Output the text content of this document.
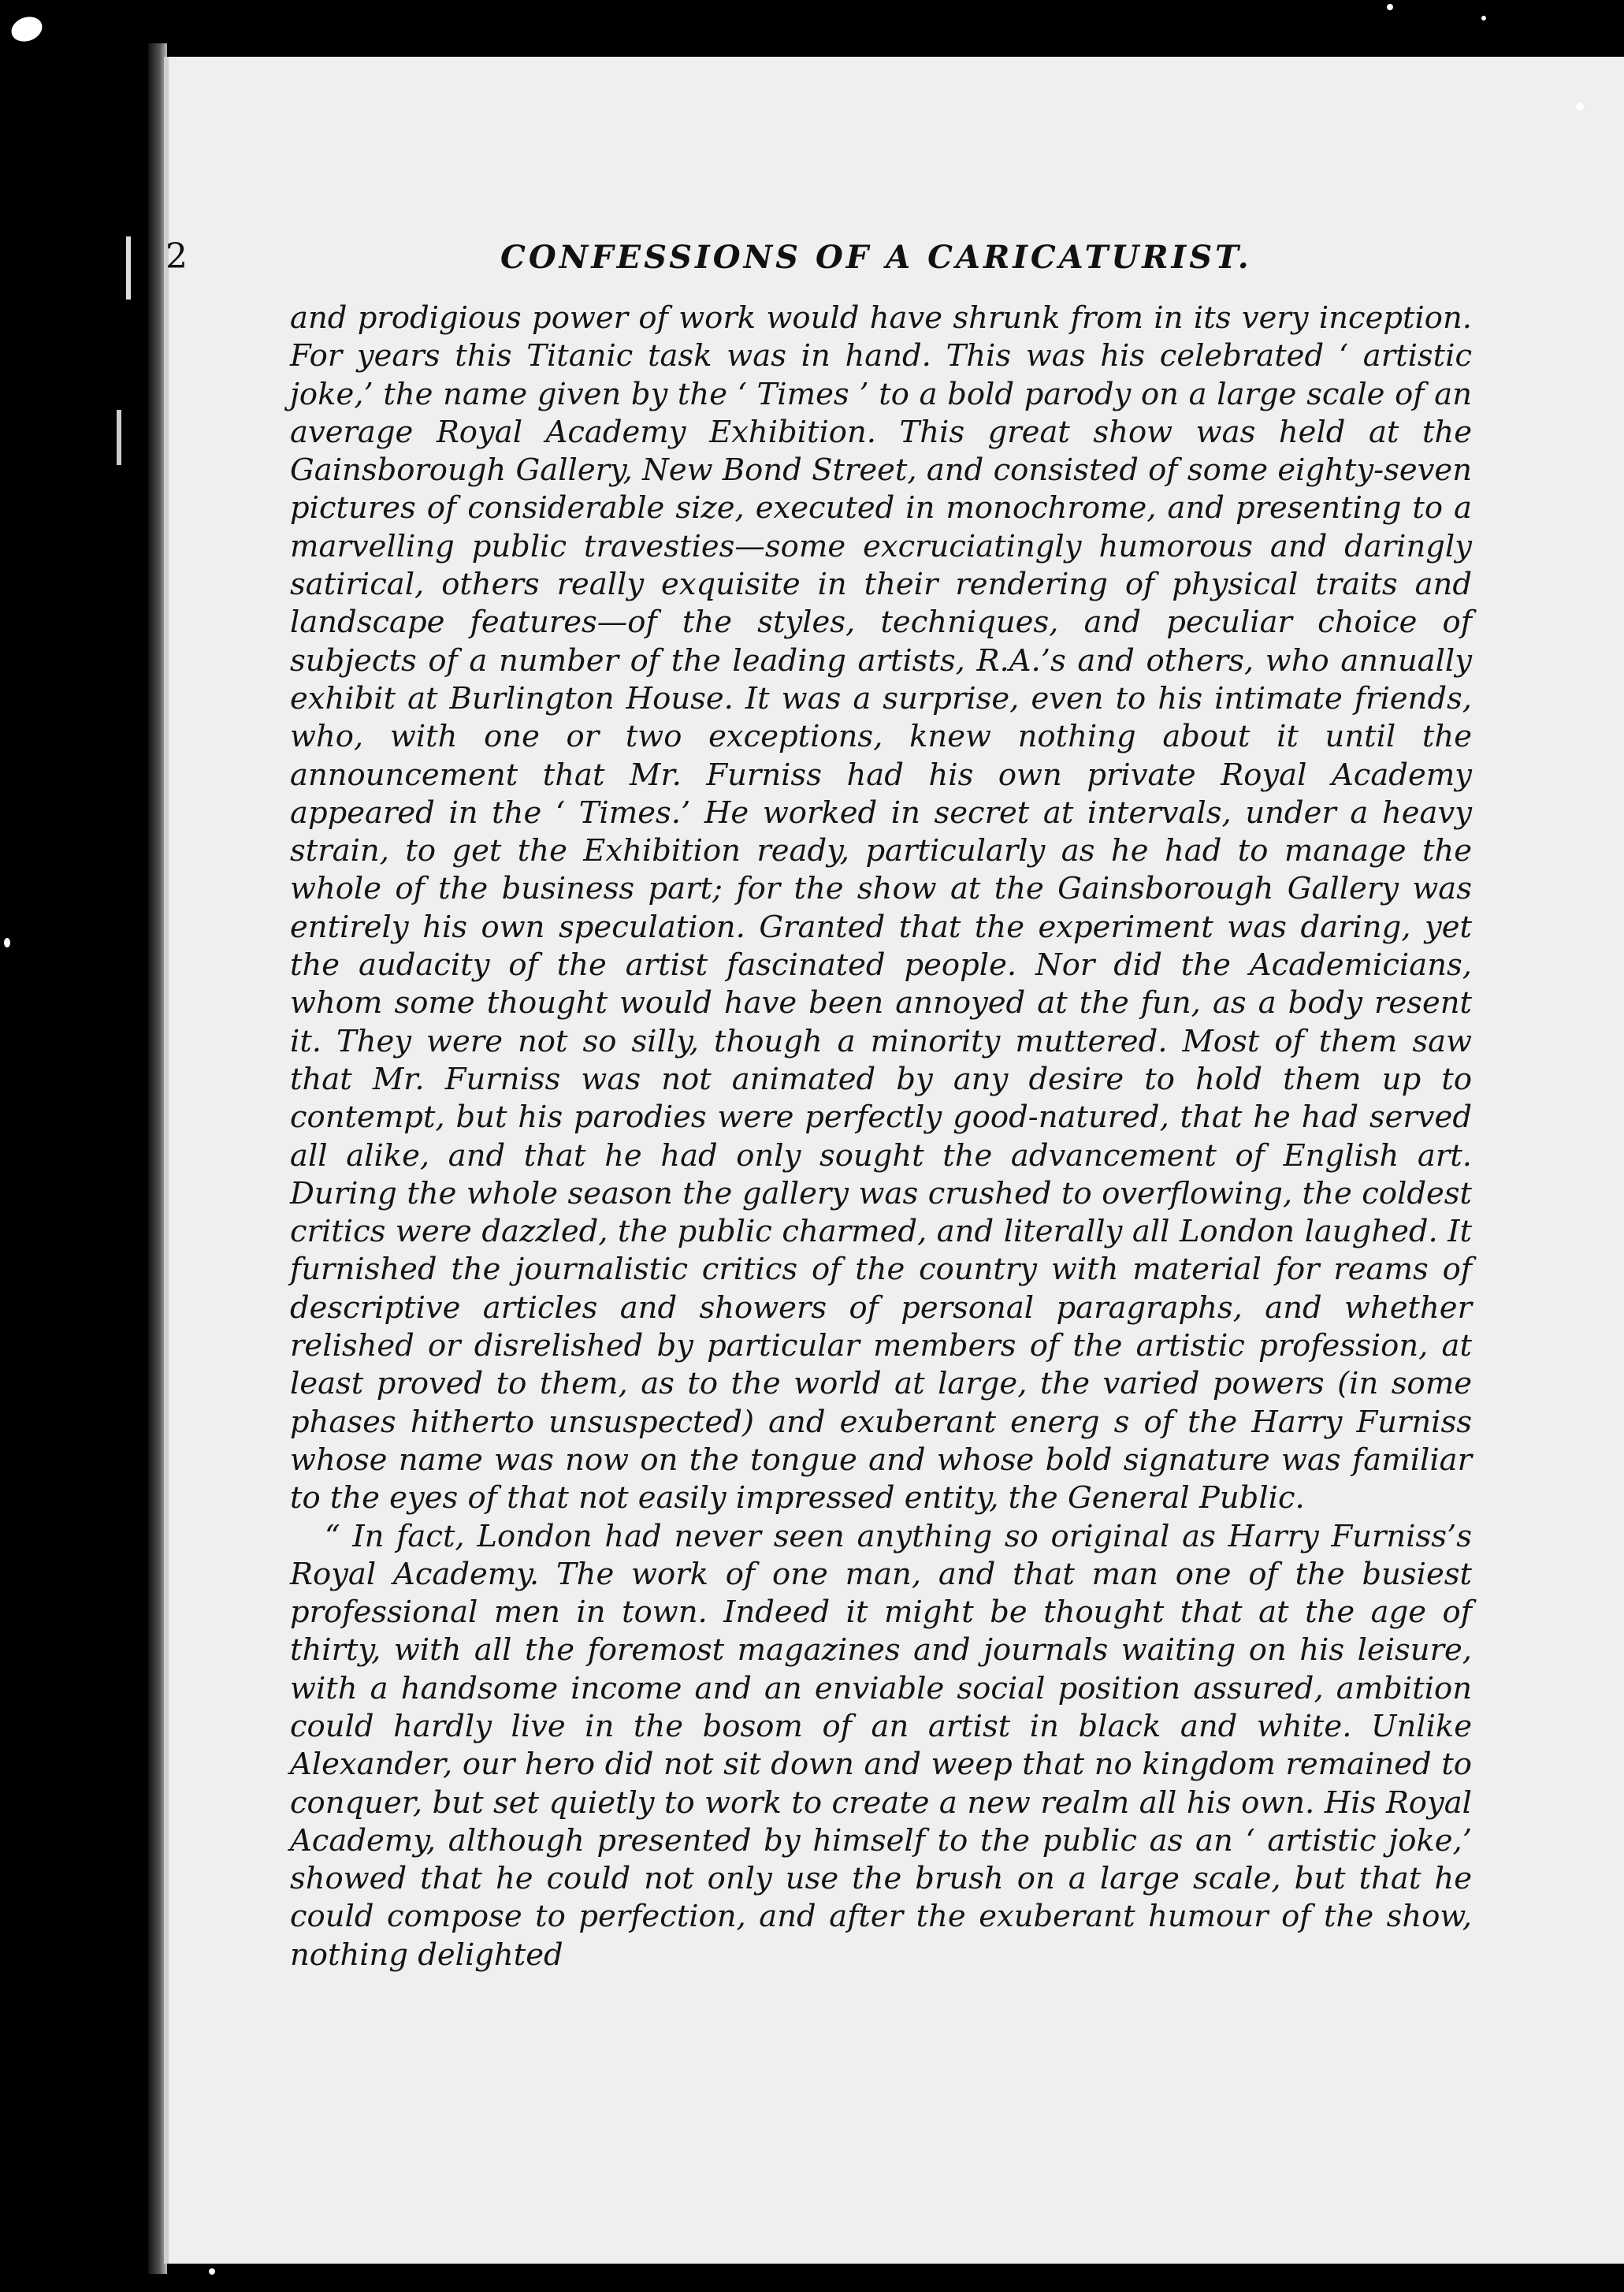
2	CONFESSIONS OF A CARICATURIST.

and prodigious power of work would have shrunk from in its very inception. For years this Titanic task was in hand. This was his celebrated ‘ artistic joke,’ the name given by the ‘ Times ’ to a bold parody on a large scale of an average Royal Academy Exhibition. This great show was held at the Gainsborough Gallery, New Bond Street, and consisted of some eighty-seven pictures of considerable size, executed in monochrome, and presenting to a marvelling public travesties—some excruciatingly humorous and daringly satirical, others really exquisite in their rendering of physical traits and landscape features—of the styles, techniques, and peculiar choice of subjects of a number of the leading artists, R.A.’s and others, who annually exhibit at Burlington House. It was a surprise, even to his intimate friends, who, with one or two exceptions, knew nothing about it until the announcement that Mr. Furniss had his own private Royal Academy appeared in the ‘ Times.’ He worked in secret at intervals, under a heavy strain, to get the Exhibition ready, particularly as he had to manage the whole of the business part; for the show at the Gainsborough Gallery was entirely his own speculation. Granted that the experiment was daring, yet the audacity of the artist fascinated people. Nor did the Academicians, whom some thought would have been annoyed at the fun, as a body resent it. They were not so silly, though a minority muttered. Most of them saw that Mr. Furniss was not animated by any desire to hold them up to contempt, but his parodies were perfectly good-natured, that he had served all alike, and that he had only sought the advancement of English art. During the whole season the gallery was crushed to overflowing, the coldest critics were dazzled, the public charmed, and literally all London laughed. It furnished the journalistic critics of the country with material for reams of descriptive articles and showers of personal paragraphs, and whether relished or disrelished by particular members of the artistic profession, at least proved to them, as to the world at large, the varied powers (in some phases hitherto unsuspected) and exuberant energ s of the Harry Furniss whose name was now on the tongue and whose bold signature was familiar to the eyes of that not easily impressed entity, the General Public.

“ In fact, London had never seen anything so original as Harry Furniss’s Royal Academy. The work of one man, and that man one of the busiest professional men in town. Indeed it might be thought that at the age of thirty, with all the foremost magazines and journals waiting on his leisure, with a handsome income and an enviable social position assured, ambition could hardly live in the bosom of an artist in black and white. Unlike Alexander, our hero did not sit down and weep that no kingdom remained to conquer, but set quietly to work to create a new realm all his own. His Royal Academy, although presented by himself to the public as an ‘ artistic joke,’ showed that he could not only use the brush on a large scale, but that he could compose to perfection, and after the exuberant humour of the show, nothing delighted
